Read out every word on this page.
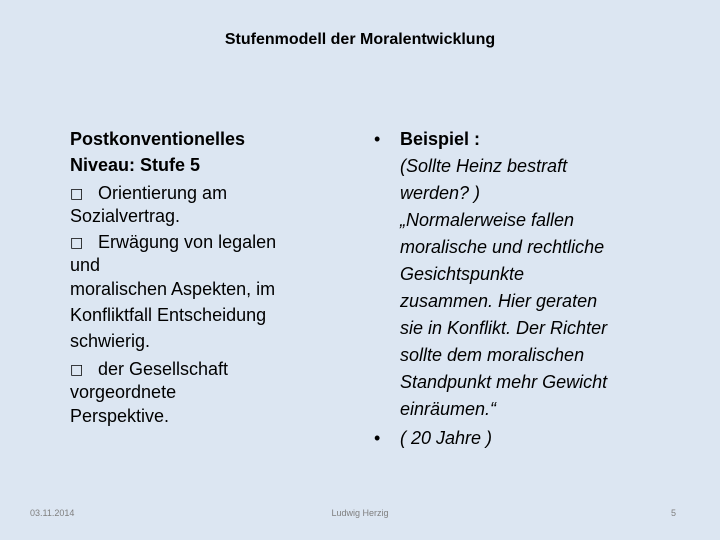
Stufenmodell der Moralentwicklung
Postkonventionelles
Niveau: Stufe 5
□ Orientierung am
Sozialvertrag.
□ Erwägung von legalen
und
moralischen Aspekten, im
Konfliktfall Entscheidung
schwierig.
□ der Gesellschaft
vorgeordnete
Perspektive.
• Beispiel :
(Sollte Heinz bestraft
werden? )
„Normalerweise fallen
moralische und rechtliche
Gesichtspunkte
zusammen. Hier geraten
sie in Konflikt. Der Richter
sollte dem moralischen
Standpunkt mehr Gewicht
einräumen.“
• ( 20 Jahre )
03.11.2014	Ludwig Herzig	5
